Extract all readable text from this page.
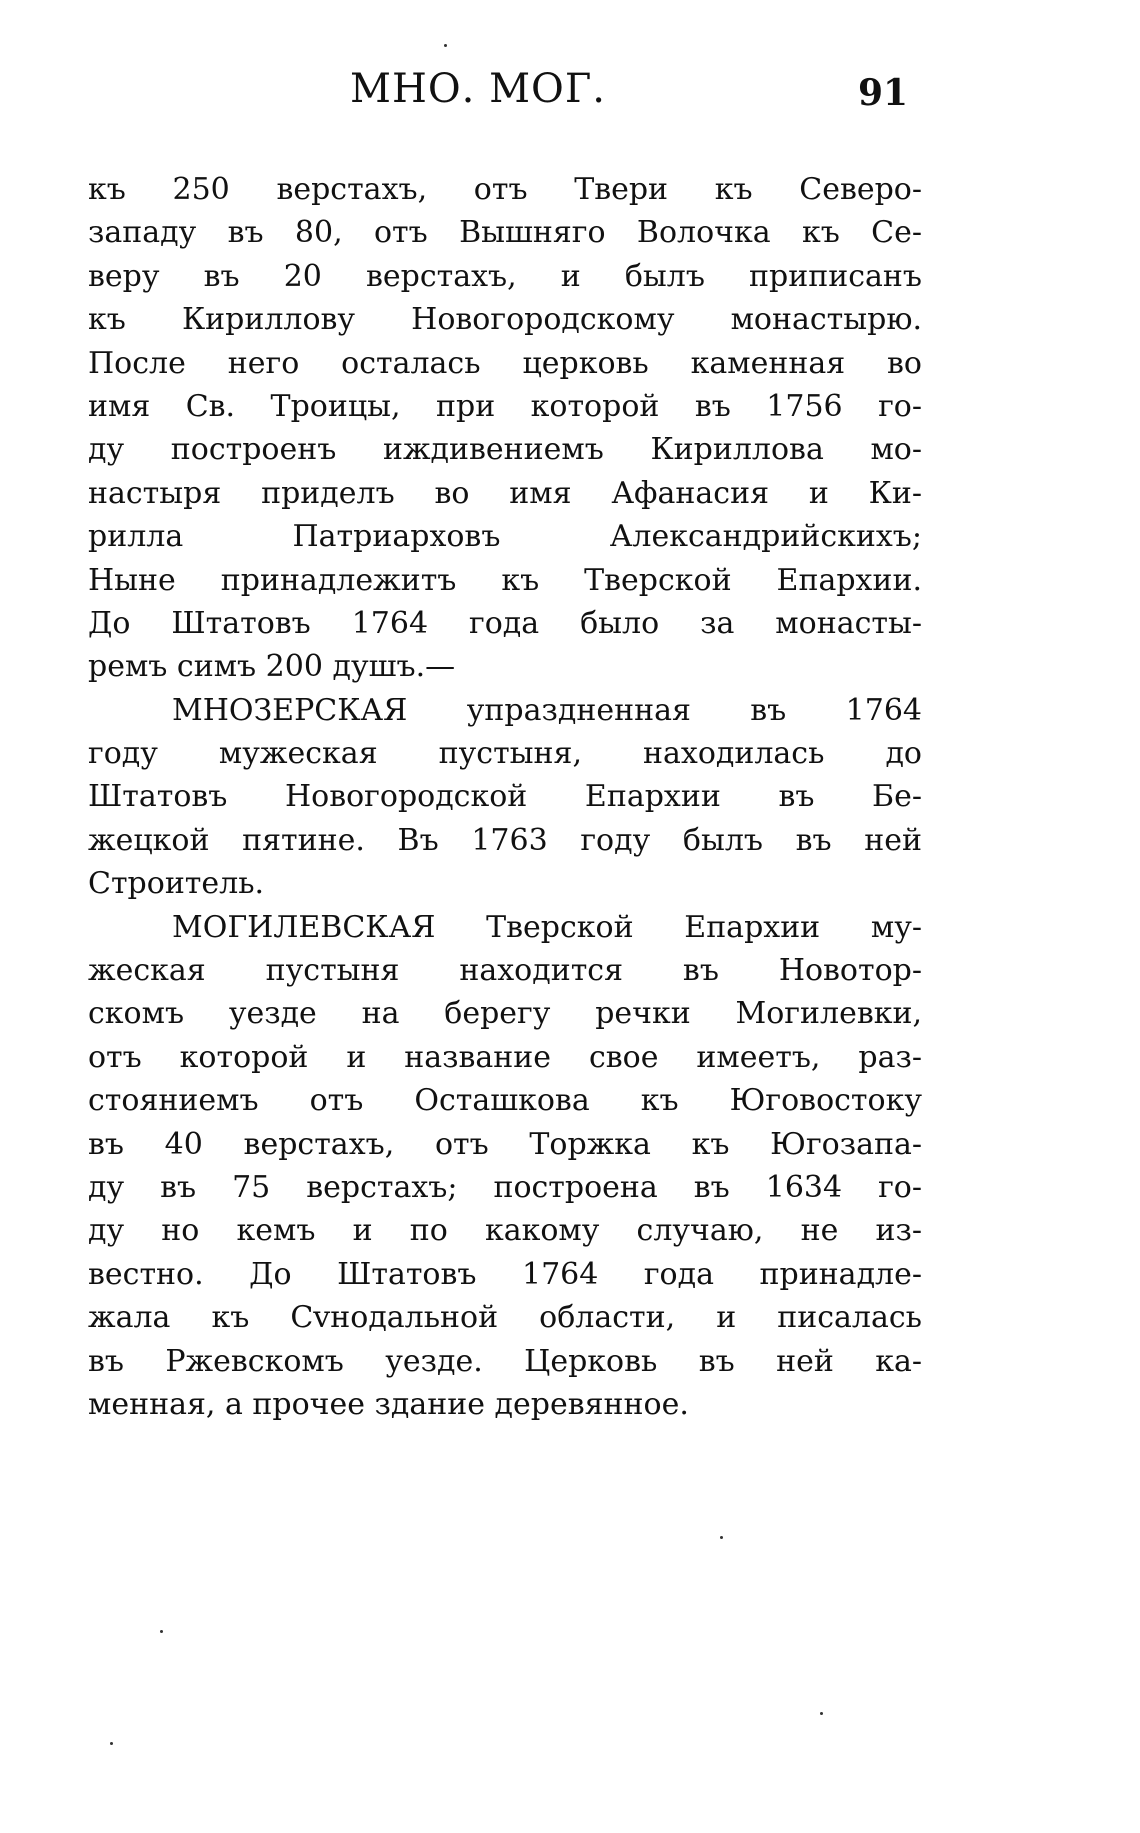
МНО. МОГ.	91
къ 250 верстахъ, отъ Твери къ Северо-
западу въ 80, отъ Вышняго Волочка къ Се-
веру въ 20 верстахъ, и былъ приписанъ
къ Кириллову Новогородскому монастырю.
После него осталась церковь каменная во
имя Св. Троицы, при которой въ 1756 го-
ду построенъ иждивениемъ Кириллова мо-
настыря приделъ во имя Афанасия и Ки-
рилла Патриарховъ Александрийскихъ;
Ныне принадлежитъ къ Тверской Епархии.
До Штатовъ 1764 года было за монасты-
ремъ симъ 200 душъ.—
МНОЗЕРСКАЯ упраздненная въ 1764
году мужеская пустыня, находилась до
Штатовъ Новогородской Епархии въ Бе-
жецкой пятине. Въ 1763 году былъ въ ней
Строитель.
МОГИЛЕВСКАЯ Тверской Епархии му-
жеская пустыня находится въ Новотор-
скомъ уезде на берегу речки Могилевки,
отъ которой и название свое имеетъ, раз-
стояниемъ отъ Осташкова къ Юговостоку
въ 40 верстахъ, отъ Торжка къ Югозапа-
ду въ 75 верстахъ; построена въ 1634 го-
ду но кемъ и по какому случаю, не из-
вестно. До Штатовъ 1764 года принадле-
жала къ Сvнодальной области, и писалась
въ Ржевскомъ уезде. Церковь въ ней ка-
менная, а прочее здание деревянное.
